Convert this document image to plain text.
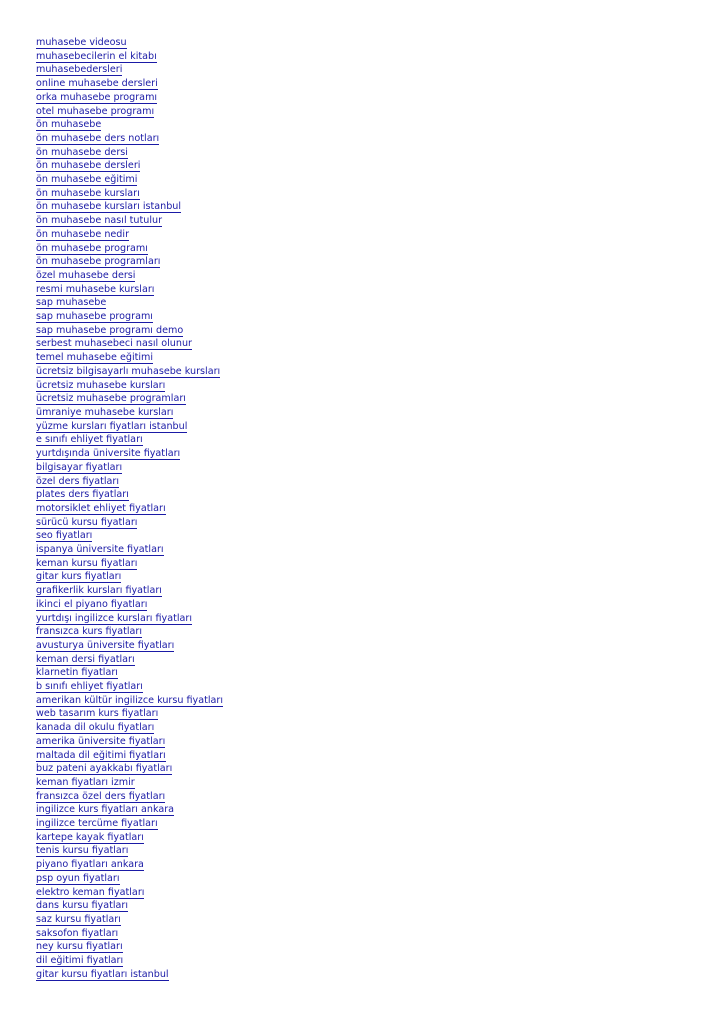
muhasebe videosu
muhasebecilerin el kitabı
muhasebedersleri
online muhasebe dersleri
orka muhasebe programı
otel muhasebe programı
ön muhasebe
ön muhasebe ders notları
ön muhasebe dersi
ön muhasebe dersleri
ön muhasebe eğitimi
ön muhasebe kursları
ön muhasebe kursları istanbul
ön muhasebe nasıl tutulur
ön muhasebe nedir
ön muhasebe programı
ön muhasebe programları
özel muhasebe dersi
resmi muhasebe kursları
sap muhasebe
sap muhasebe programı
sap muhasebe programı demo
serbest muhasebeci nasıl olunur
temel muhasebe eğitimi
ücretsiz bilgisayarlı muhasebe kursları
ücretsiz muhasebe kursları
ücretsiz muhasebe programları
ümraniye muhasebe kursları
yüzme kursları fiyatları istanbul
e sınıfı ehliyet fiyatları
yurtdışında üniversite fiyatları
bilgisayar fiyatları
özel ders fiyatları
plates ders fiyatları
motorsiklet ehliyet fiyatları
sürücü kursu fiyatları
seo fiyatları
ispanya üniversite fiyatları
keman kursu fiyatları
gitar kurs fiyatları
grafikerlik kursları fiyatları
ikinci el piyano fiyatları
yurtdışı ingilizce kursları fiyatları
fransızca kurs fiyatları
avusturya üniversite fiyatları
keman dersi fiyatları
klarnetin fiyatları
b sınıfı ehliyet fiyatları
amerikan kültür ingilizce kursu fiyatları
web tasarım kurs fiyatları
kanada dil okulu fiyatları
amerika üniversite fiyatları
maltada dil eğitimi fiyatları
buz pateni ayakkabı fiyatları
keman fiyatları izmir
fransızca özel ders fiyatları
ingilizce kurs fiyatları ankara
ingilizce tercüme fiyatları
kartepe kayak fiyatları
tenis kursu fiyatları
piyano fiyatları ankara
psp oyun fiyatları
elektro keman fiyatları
dans kursu fiyatları
saz kursu fiyatları
saksofon fiyatları
ney kursu fiyatları
dil eğitimi fiyatları
gitar kursu fiyatları istanbul
